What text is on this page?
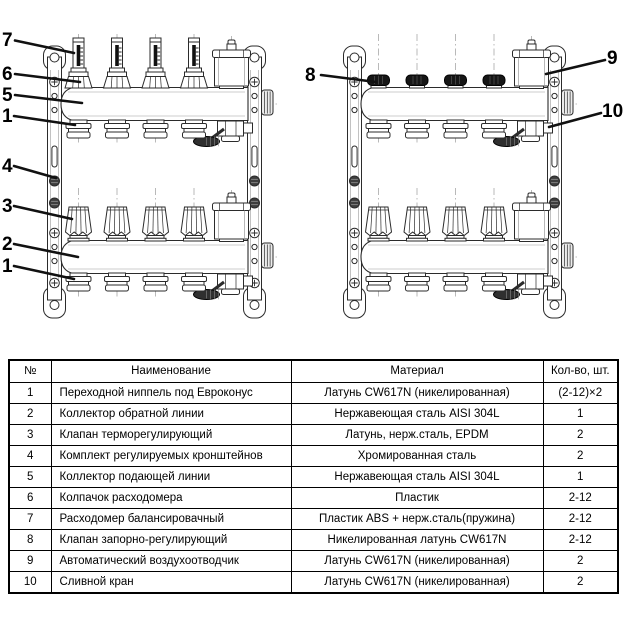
7
6
5
1
4
3
2
1
8
9
10
№	Наименование	Материал	Кол-во, шт.
1	Переходной ниппель под Евроконус	Латунь CW617N (никелированная)	(2-12)×2
2	Коллектор обратной линии	Нержавеющая сталь AISI 304L	1
3	Клапан терморегулирующий	Латунь, нерж.сталь, EPDM	2
4	Комплект регулируемых кронштейнов	Хромированная сталь	2
5	Коллектор подающей линии	Нержавеющая сталь AISI 304L	1
6	Колпачок расходомера	Пластик	2-12
7	Расходомер балансировачный	Пластик ABS + нерж.сталь(пружина)	2-12
8	Клапан запорно-регулирующий	Никелированная латунь CW617N	2-12
9	Автоматический воздухоотводчик	Латунь CW617N (никелированная)	2
10	Сливной кран	Латунь CW617N (никелированная)	2
